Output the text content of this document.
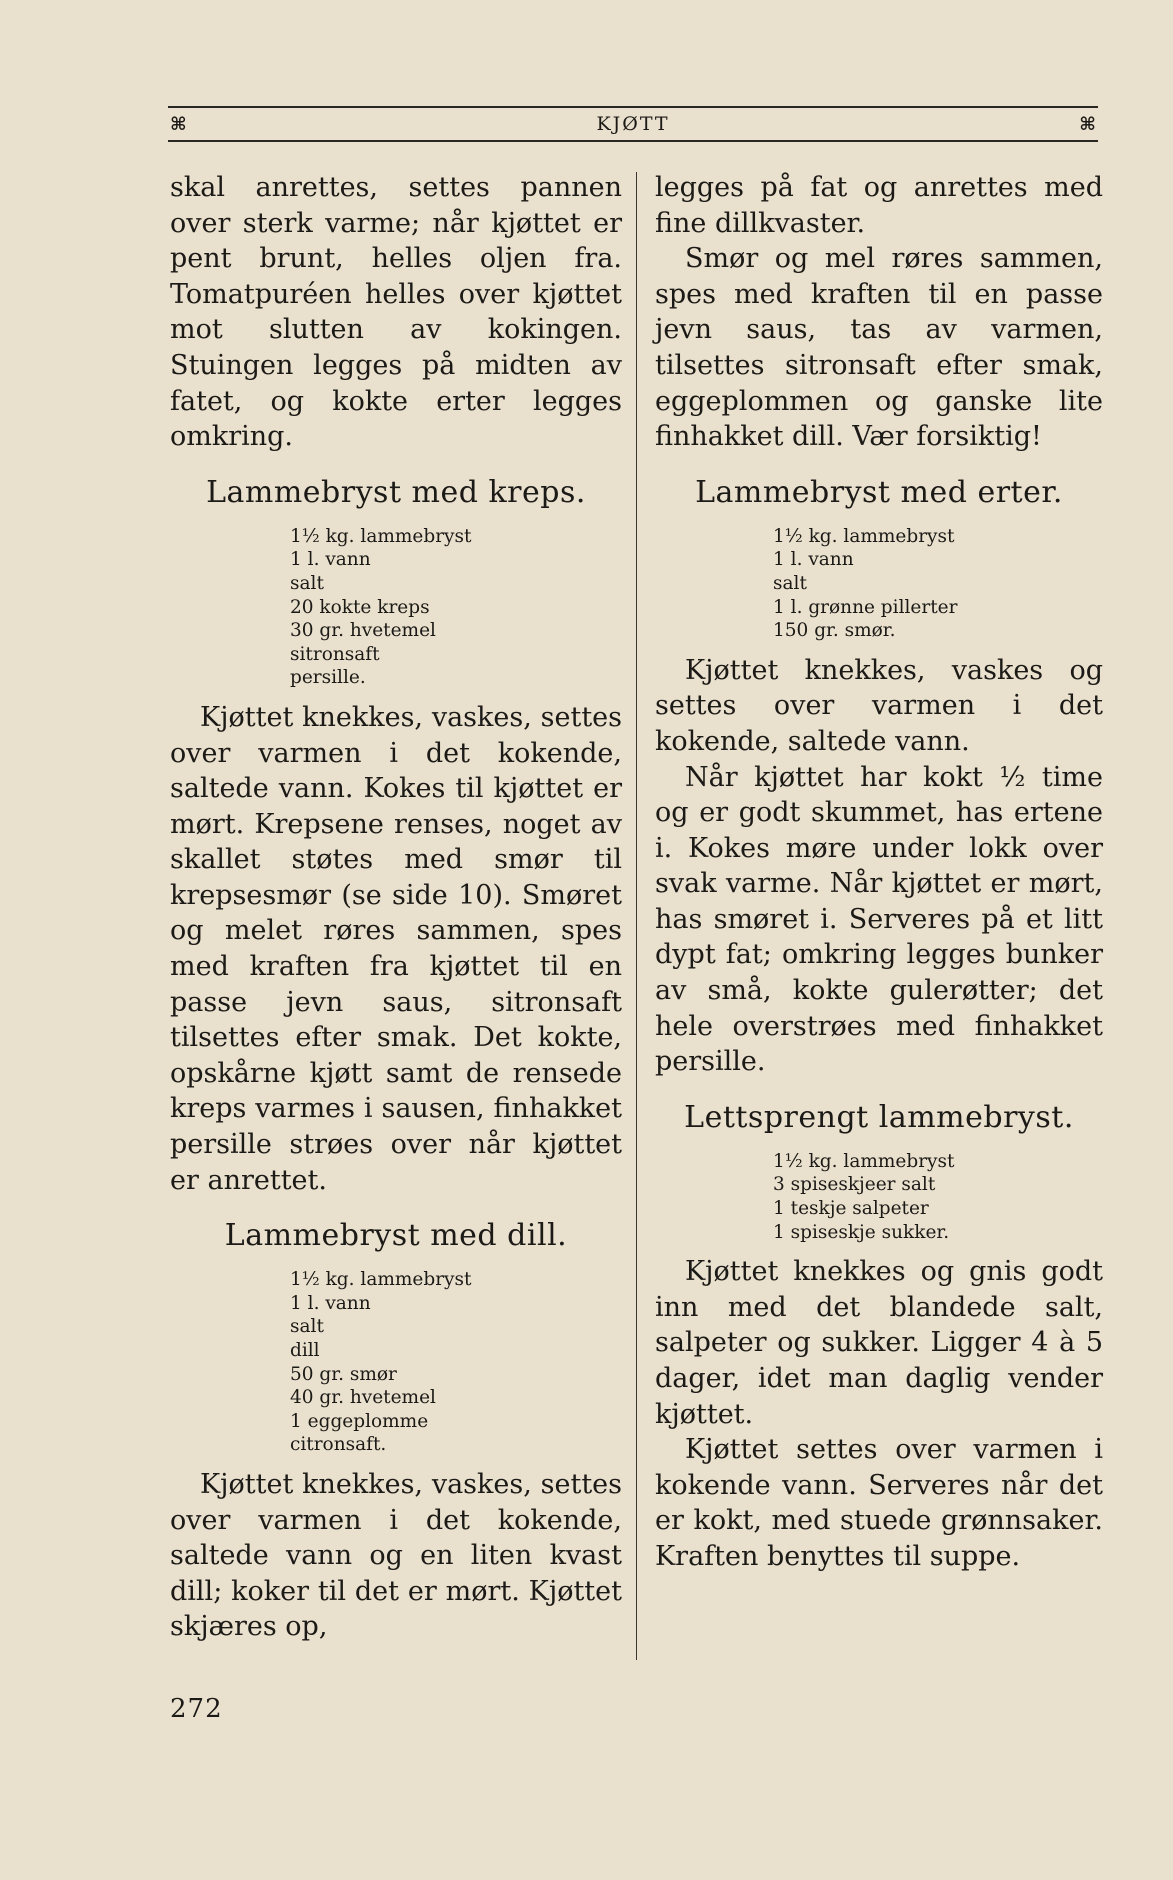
⌘	KJØTT	⌘

skal anrettes, settes pannen over sterk varme; når kjøttet er pent brunt, helles oljen fra. Tomatpuréen helles over kjøttet mot slutten av kokingen. Stuingen legges på midten av fatet, og kokte erter legges omkring.

Lammebryst med kreps.
1½ kg. lammebryst
1 l. vann
salt
20 kokte kreps
30 gr. hvetemel
sitronsaft
persille.

Kjøttet knekkes, vaskes, settes over varmen i det kokende, saltede vann. Kokes til kjøttet er mørt. Krepsene renses, noget av skallet støtes med smør til krepsesmør (se side 10). Smøret og melet røres sammen, spes med kraften fra kjøttet til en passe jevn saus, sitronsaft tilsettes efter smak. Det kokte, opskårne kjøtt samt de rensede kreps varmes i sausen, finhakket persille strøes over når kjøttet er anrettet.

Lammebryst med dill.
1½ kg. lammebryst
1 l. vann
salt
dill
50 gr. smør
40 gr. hvetemel
1 eggeplomme
citronsaft.

Kjøttet knekkes, vaskes, settes over varmen i det kokende, saltede vann og en liten kvast dill; koker til det er mørt. Kjøttet skjæres op,

legges på fat og anrettes med fine dillkvaster.

Smør og mel røres sammen, spes med kraften til en passe jevn saus, tas av varmen, tilsettes sitronsaft efter smak, eggeplommen og ganske lite finhakket dill. Vær forsiktig!

Lammebryst med erter.
1½ kg. lammebryst
1 l. vann
salt
1 l. grønne pillerter
150 gr. smør.

Kjøttet knekkes, vaskes og settes over varmen i det kokende, saltede vann.

Når kjøttet har kokt ½ time og er godt skummet, has ertene i. Kokes møre under lokk over svak varme. Når kjøttet er mørt, has smøret i. Serveres på et litt dypt fat; omkring legges bunker av små, kokte gulerøtter; det hele overstrøes med finhakket persille.

Lettsprengt lammebryst.
1½ kg. lammebryst
3 spiseskjeer salt
1 teskje salpeter
1 spiseskje sukker.

Kjøttet knekkes og gnis godt inn med det blandede salt, salpeter og sukker. Ligger 4 à 5 dager, idet man daglig vender kjøttet.

Kjøttet settes over varmen i kokende vann. Serveres når det er kokt, med stuede grønnsaker. Kraften benyttes til suppe.

272
